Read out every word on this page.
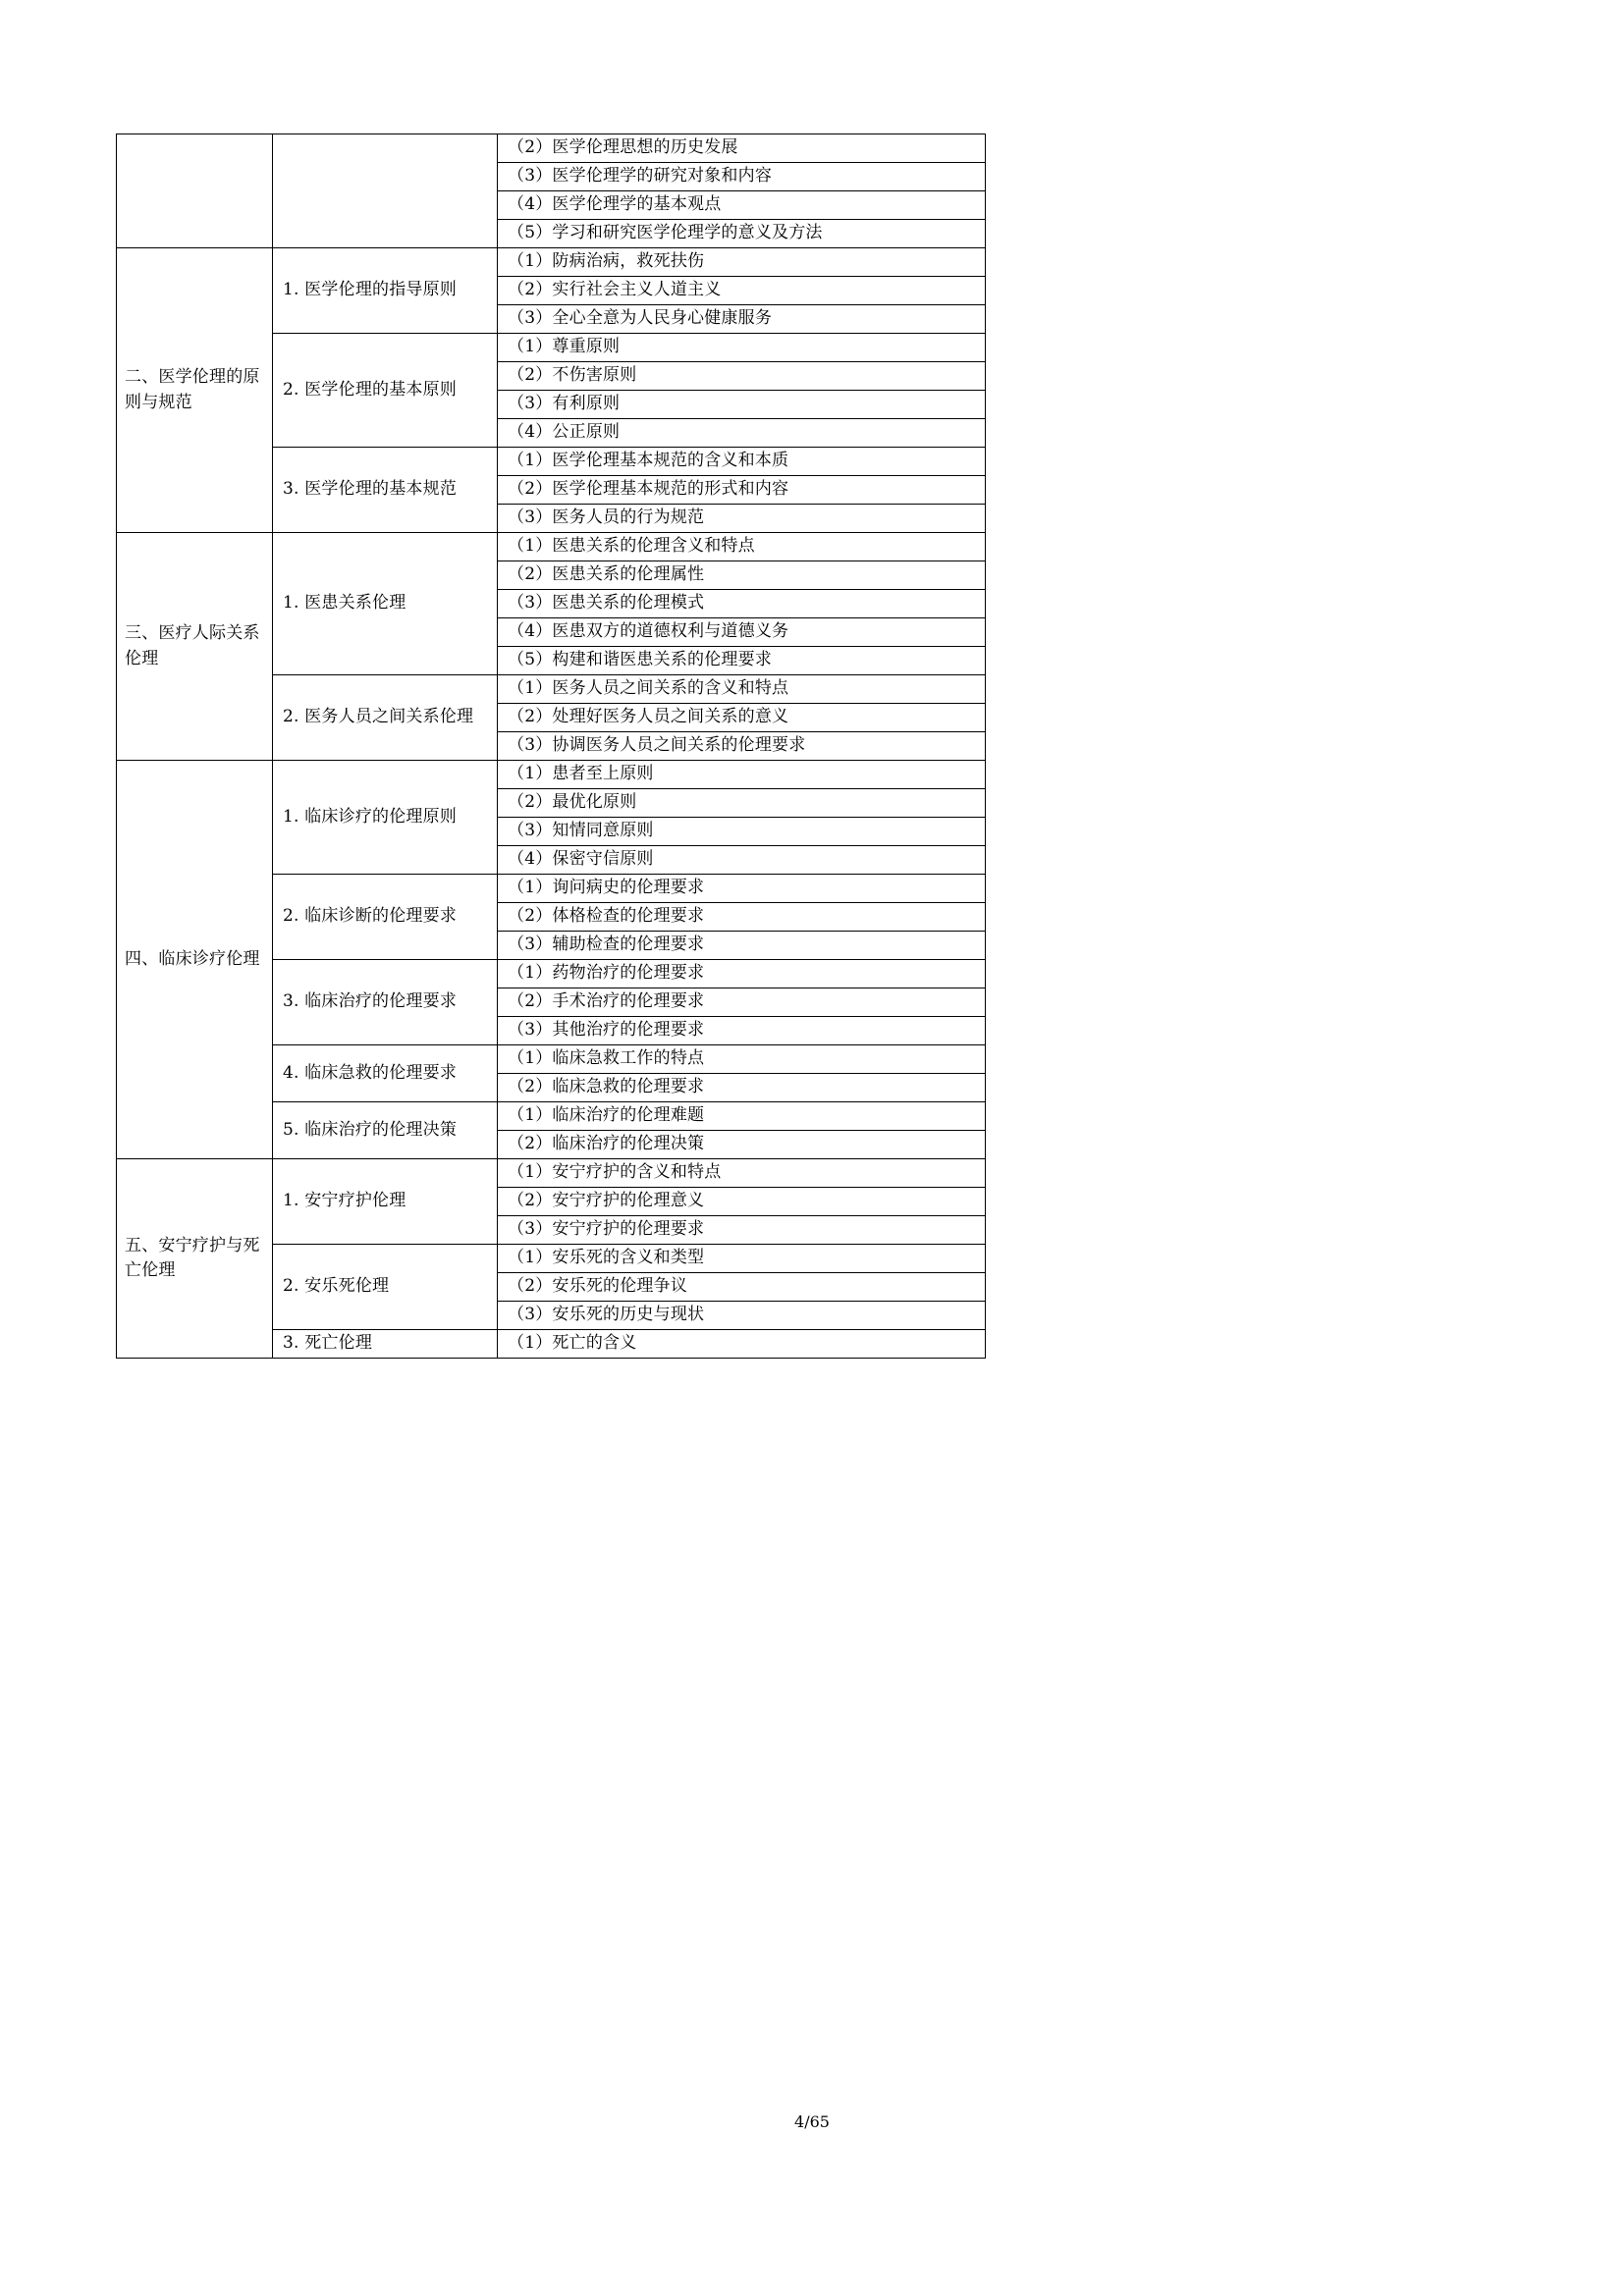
		（2）医学伦理思想的历史发展
		（3）医学伦理学的研究对象和内容
		（4）医学伦理学的基本观点
		（5）学习和研究医学伦理学的意义及方法
二、医学伦理的原则与规范	1. 医学伦理的指导原则	（1）防病治病，救死扶伤
		（2）实行社会主义人道主义
		（3）全心全意为人民身心健康服务
	2. 医学伦理的基本原则	（1）尊重原则
		（2）不伤害原则
		（3）有利原则
		（4）公正原则
	3. 医学伦理的基本规范	（1）医学伦理基本规范的含义和本质
		（2）医学伦理基本规范的形式和内容
		（3）医务人员的行为规范
三、医疗人际关系伦理	1. 医患关系伦理	（1）医患关系的伦理含义和特点
		（2）医患关系的伦理属性
		（3）医患关系的伦理模式
		（4）医患双方的道德权利与道德义务
		（5）构建和谐医患关系的伦理要求
	2. 医务人员之间关系伦理	（1）医务人员之间关系的含义和特点
		（2）处理好医务人员之间关系的意义
		（3）协调医务人员之间关系的伦理要求
四、临床诊疗伦理	1. 临床诊疗的伦理原则	（1）患者至上原则
		（2）最优化原则
		（3）知情同意原则
		（4）保密守信原则
	2. 临床诊断的伦理要求	（1）询问病史的伦理要求
		（2）体格检查的伦理要求
		（3）辅助检查的伦理要求
	3. 临床治疗的伦理要求	（1）药物治疗的伦理要求
		（2）手术治疗的伦理要求
		（3）其他治疗的伦理要求
	4. 临床急救的伦理要求	（1）临床急救工作的特点
		（2）临床急救的伦理要求
	5. 临床治疗的伦理决策	（1）临床治疗的伦理难题
		（2）临床治疗的伦理决策
五、安宁疗护与死亡伦理	1. 安宁疗护伦理	（1）安宁疗护的含义和特点
		（2）安宁疗护的伦理意义
		（3）安宁疗护的伦理要求
	2. 安乐死伦理	（1）安乐死的含义和类型
		（2）安乐死的伦理争议
		（3）安乐死的历史与现状
	3. 死亡伦理	（1）死亡的含义
4/65
